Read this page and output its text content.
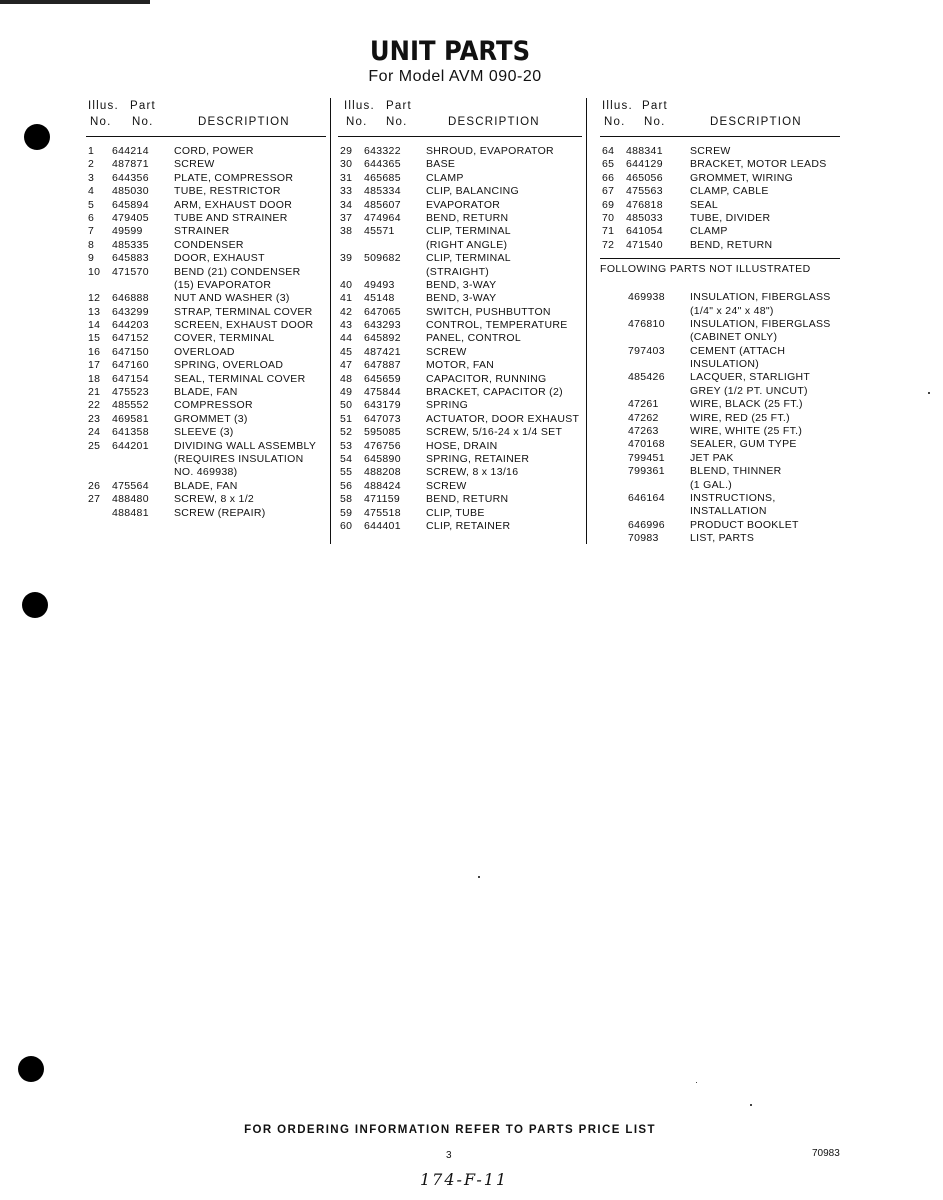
UNIT PARTS
For Model AVM 090-20
Illus. Part
No. No.	DESCRIPTION
1 644214 CORD, POWER
2 487871 SCREW
3 644356 PLATE, COMPRESSOR
4 485030 TUBE, RESTRICTOR
5 645894 ARM, EXHAUST DOOR
6 479405 TUBE AND STRAINER
7 49599	STRAINER
8 485335 CONDENSER
9 645883 DOOR, EXHAUST
10 471570 BEND (21) CONDENSER
(15) EVAPORATOR
12 646888 NUT AND WASHER (3)
13 643299 STRAP, TERMINAL COVER
14 644203 SCREEN, EXHAUST DOOR
15 647152 COVER, TERMINAL
16 647150 OVERLOAD
17 647160 SPRING, OVERLOAD
18 647154 SEAL, TERMINAL COVER
21 475523 BLADE, FAN
22 485552 COMPRESSOR
23 469581 GROMMET (3)
24 641358 SLEEVE (3)
25 644201 DIVIDING WALL ASSEMBLY
(REQUIRES INSULATION
NO. 469938)
26 475564 BLADE, FAN
27 488480 SCREW, 8 x 1/2
488481 SCREW (REPAIR)
Illus. Part
No. No.	DESCRIPTION
29 643322 SHROUD, EVAPORATOR
30 644365 BASE
31 465685 CLAMP
33 485334 CLIP, BALANCING
34 485607 EVAPORATOR
37 474964 BEND, RETURN
38 45571	CLIP, TERMINAL
(RIGHT ANGLE)
39 509682 CLIP, TERMINAL
(STRAIGHT)
40 49493	BEND, 3-WAY
41 45148	BEND, 3-WAY
42 647065 SWITCH, PUSHBUTTON
43 643293 CONTROL, TEMPERATURE
44 645892 PANEL, CONTROL
45 487421 SCREW
47 647887 MOTOR, FAN
48 645659 CAPACITOR, RUNNING
49 475844 BRACKET, CAPACITOR (2)
50 643179 SPRING
51 647073 ACTUATOR, DOOR EXHAUST
52 595085 SCREW, 5/16-24 x 1/4 SET
53 476756 HOSE, DRAIN
54 645890 SPRING, RETAINER
55 488208 SCREW, 8 x 13/16
56 488424 SCREW
58 471159 BEND, RETURN
59 475518 CLIP, TUBE
60 644401 CLIP, RETAINER
Illus. Part
No. No.	DESCRIPTION
64 488341	SCREW
65 644129	BRACKET, MOTOR LEADS
66 465056	GROMMET, WIRING
67 475563	CLAMP, CABLE
69 476818	SEAL
70 485033	TUBE, DIVIDER
71 641054	CLAMP
72 471540	BEND, RETURN
FOLLOWING PARTS NOT ILLUSTRATED
469938 INSULATION, FIBERGLASS
(1/4" x 24" x 48")
476810 INSULATION, FIBERGLASS
(CABINET ONLY)
797403 CEMENT (ATTACH
INSULATION)
485426 LACQUER, STARLIGHT
GREY (1/2 PT. UNCUT)
47261	WIRE, BLACK (25 FT.)
47262	WIRE, RED (25 FT.)
47263	WIRE, WHITE (25 FT.)
470168 SEALER, GUM TYPE
799451 JET PAK
799361 BLEND, THINNER
(1 GAL.)
646164 INSTRUCTIONS,
INSTALLATION
646996 PRODUCT BOOKLET
70983	LIST, PARTS
FOR ORDERING INFORMATION REFER TO PARTS PRICE LIST
3	70983
174-F-11
